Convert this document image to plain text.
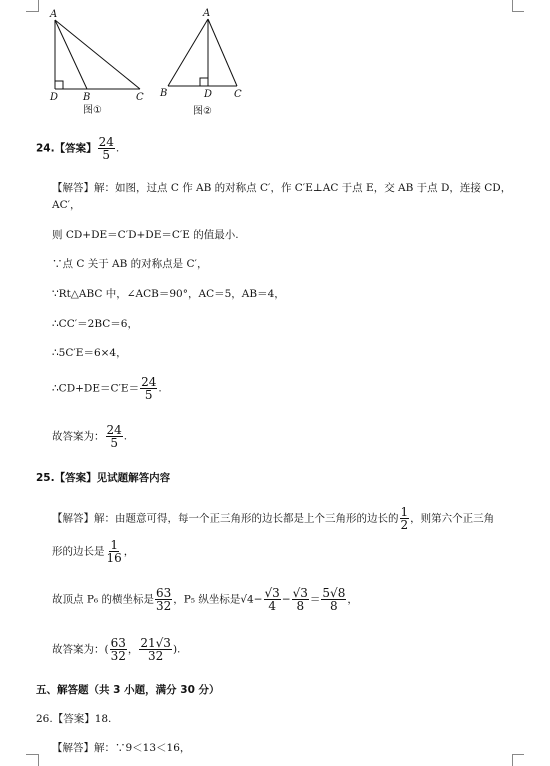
A
D B	C
A
B	D C
图①	图②
24.【答案】 $\frac{24}{5}$ .
【解答】解：如图，过点 C 作 AB 的对称点 C′，作 C′E⊥AC 于点 E，交 AB 于点 D，连接 CD，
AC′，
则 CD+DE＝C′D+DE＝C′E 的值最小.
∵点 C 关于 AB 的对称点是 C′，
∵Rt△ABC 中，∠ACB＝90°，AC＝5，AB＝4，
∴CC′＝2BC＝6，
∴5C′E＝6×4，
∴CD+DE＝C′E＝ $\frac{24}{5}$ .
故答案为： $\frac{24}{5}$ .
25.【答案】见试题解答内容
【解答】解：由题意可得，每一个正三角形的边长都是上个三角形的边长的 $\frac{1}{2}$ ，则第六个正三角
形的边长是 $\frac{1}{16}$ ，
故顶点 P₆ 的横坐标是 $\frac{63}{32}$ ，P₅ 纵坐标是$√4- \frac{√3}{4} - \frac{√3}{8} = \frac{5√8}{8}$ ，
故答案为：( $\frac{63}{32}$ ， $\frac{21√3}{32}$ ).
五、解答题（共 3 小题，满分 30 分）
26.【答案】18.
【解答】解：∵9＜13＜16，
